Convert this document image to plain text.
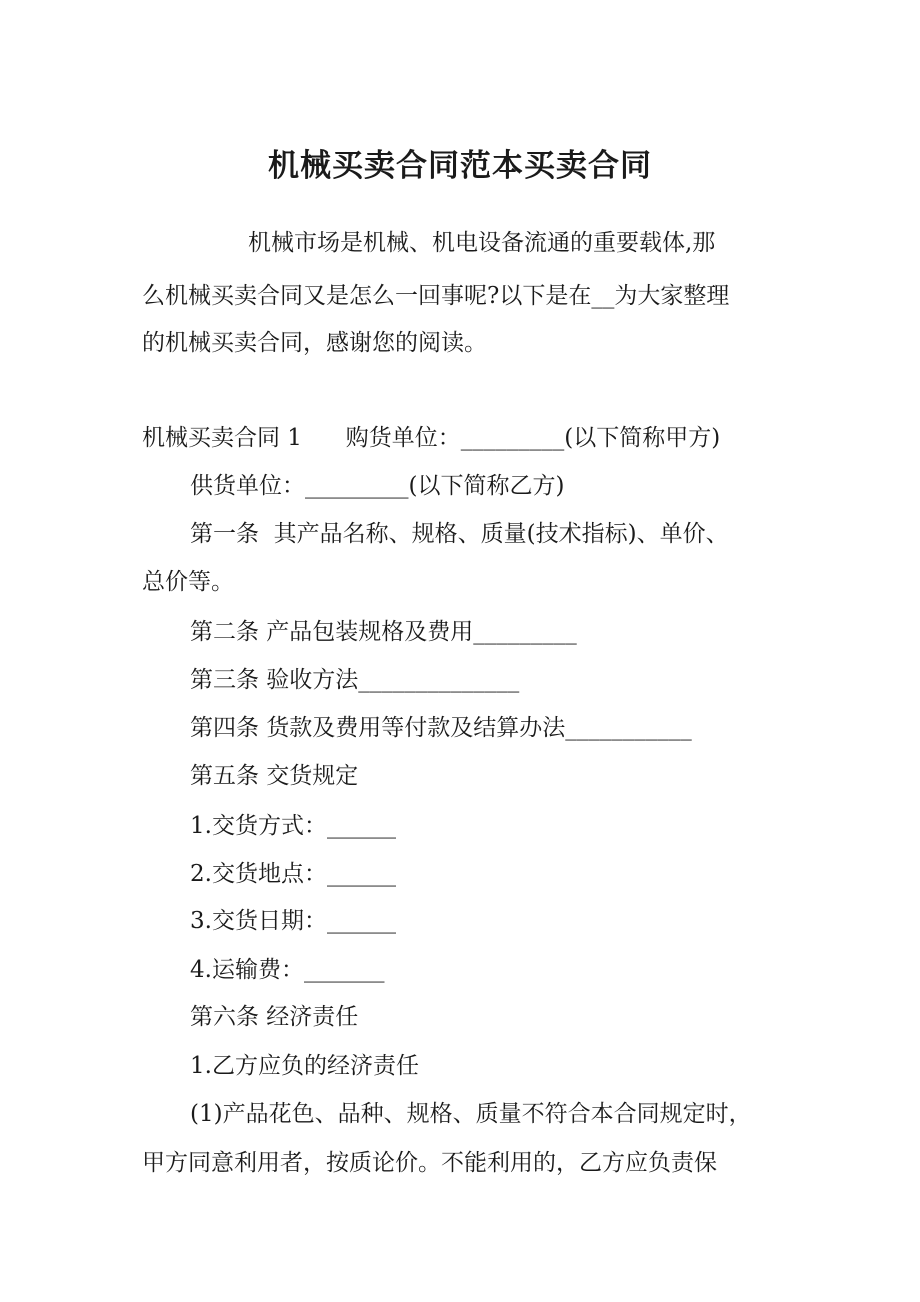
机械买卖合同范本买卖合同

机械市场是机械、机电设备流通的重要载体,那

么机械买卖合同又是怎么一回事呢?以下是在__为大家整理

的机械买卖合同，感谢您的阅读。

机械买卖合同 1      购货单位：_________(以下简称甲方)

供货单位：_________(以下简称乙方)

第一条  其产品名称、规格、质量(技术指标)、单价、

总价等。

第二条 产品包装规格及费用_________

第三条 验收方法______________

第四条 货款及费用等付款及结算办法___________

第五条 交货规定

1.交货方式：______

2.交货地点：______

3.交货日期：______

4.运输费：_______

第六条 经济责任

1.乙方应负的经济责任

(1)产品花色、品种、规格、质量不符合本合同规定时，

甲方同意利用者，按质论价。不能利用的，乙方应负责保
